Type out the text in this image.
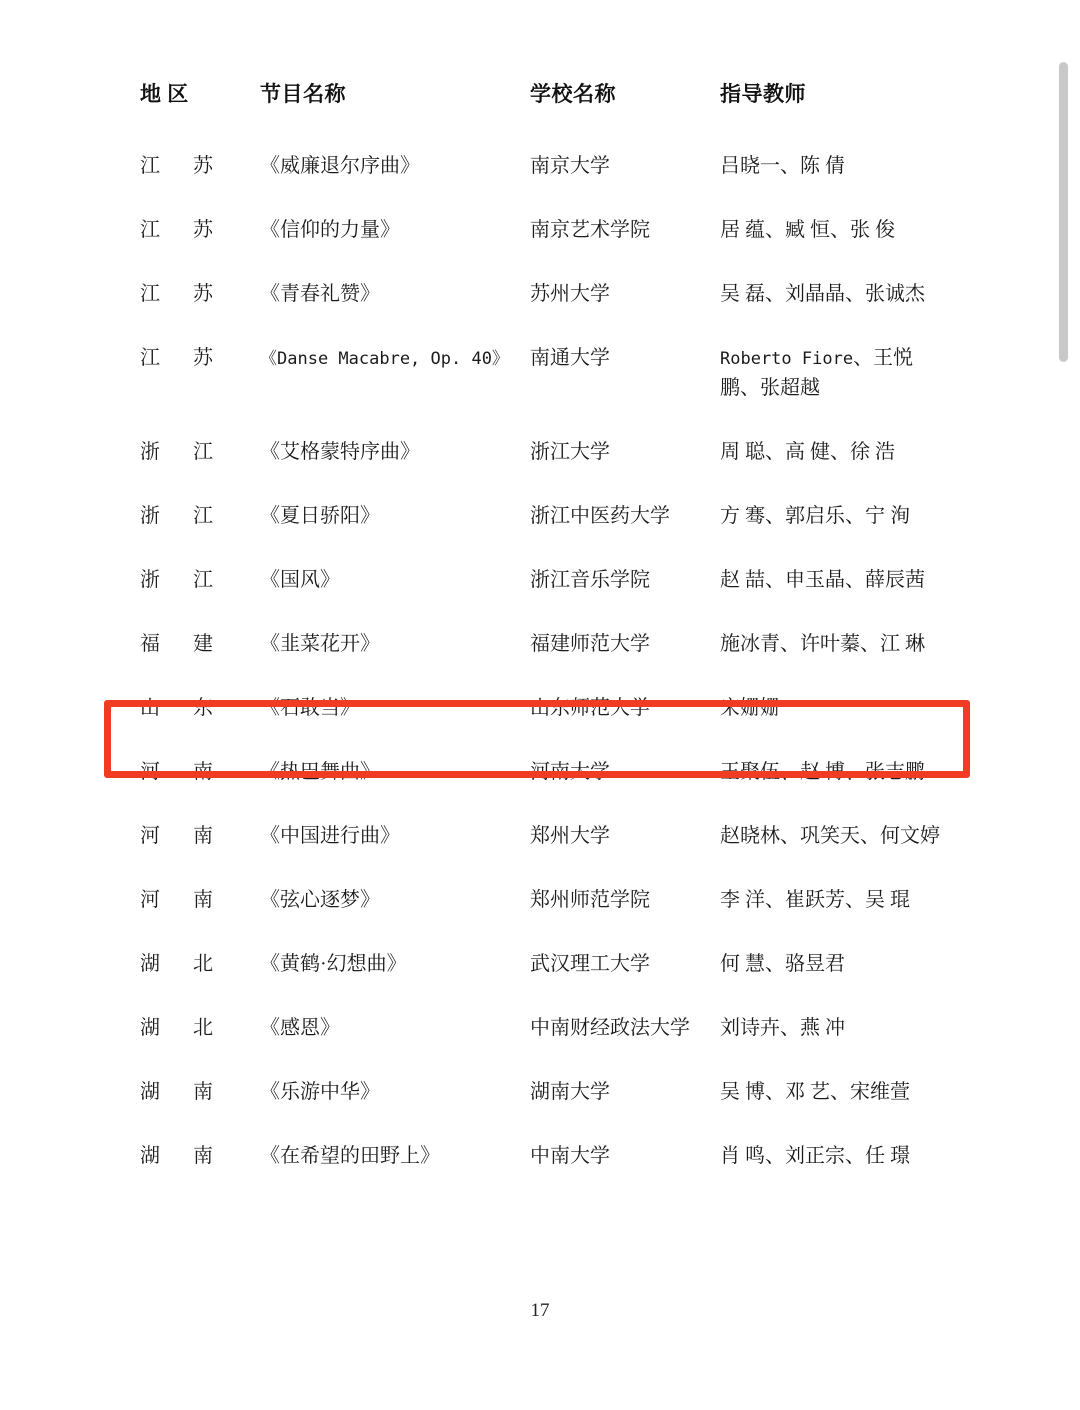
地 区	节目名称	学校名称	指导教师
江 苏	《威廉退尔序曲》	南京大学	吕晓一、陈 倩
江 苏	《信仰的力量》	南京艺术学院	居 蕴、臧 恒、张 俊
江 苏	《青春礼赞》	苏州大学	吴 磊、刘晶晶、张诚杰
江 苏	《Danse Macabre, Op. 40》	南通大学	Roberto Fiore、王悦鹏、张超越
浙 江	《艾格蒙特序曲》	浙江大学	周 聪、高 健、徐 浩
浙 江	《夏日骄阳》	浙江中医药大学	方 骞、郭启乐、宁 洵
浙 江	《国风》	浙江音乐学院	赵 喆、申玉晶、薛辰茜
福 建	《韭菜花开》	福建师范大学	施冰青、许叶蓁、江 琳
山 东	《石敢当》	山东师范大学	宋姗姗
河 南	《热巴舞曲》	河南大学	王聚伍、赵 博、张志鹏
河 南	《中国进行曲》	郑州大学	赵晓林、巩笑天、何文婷
河 南	《弦心逐梦》	郑州师范学院	李 洋、崔跃芳、吴 琨
湖 北	《黄鹤·幻想曲》	武汉理工大学	何 慧、骆昱君
湖 北	《感恩》	中南财经政法大学	刘诗卉、燕 冲
湖 南	《乐游中华》	湖南大学	吴 博、邓 艺、宋维萱
湖 南	《在希望的田野上》	中南大学	肖 鸣、刘正宗、任 璟
17
